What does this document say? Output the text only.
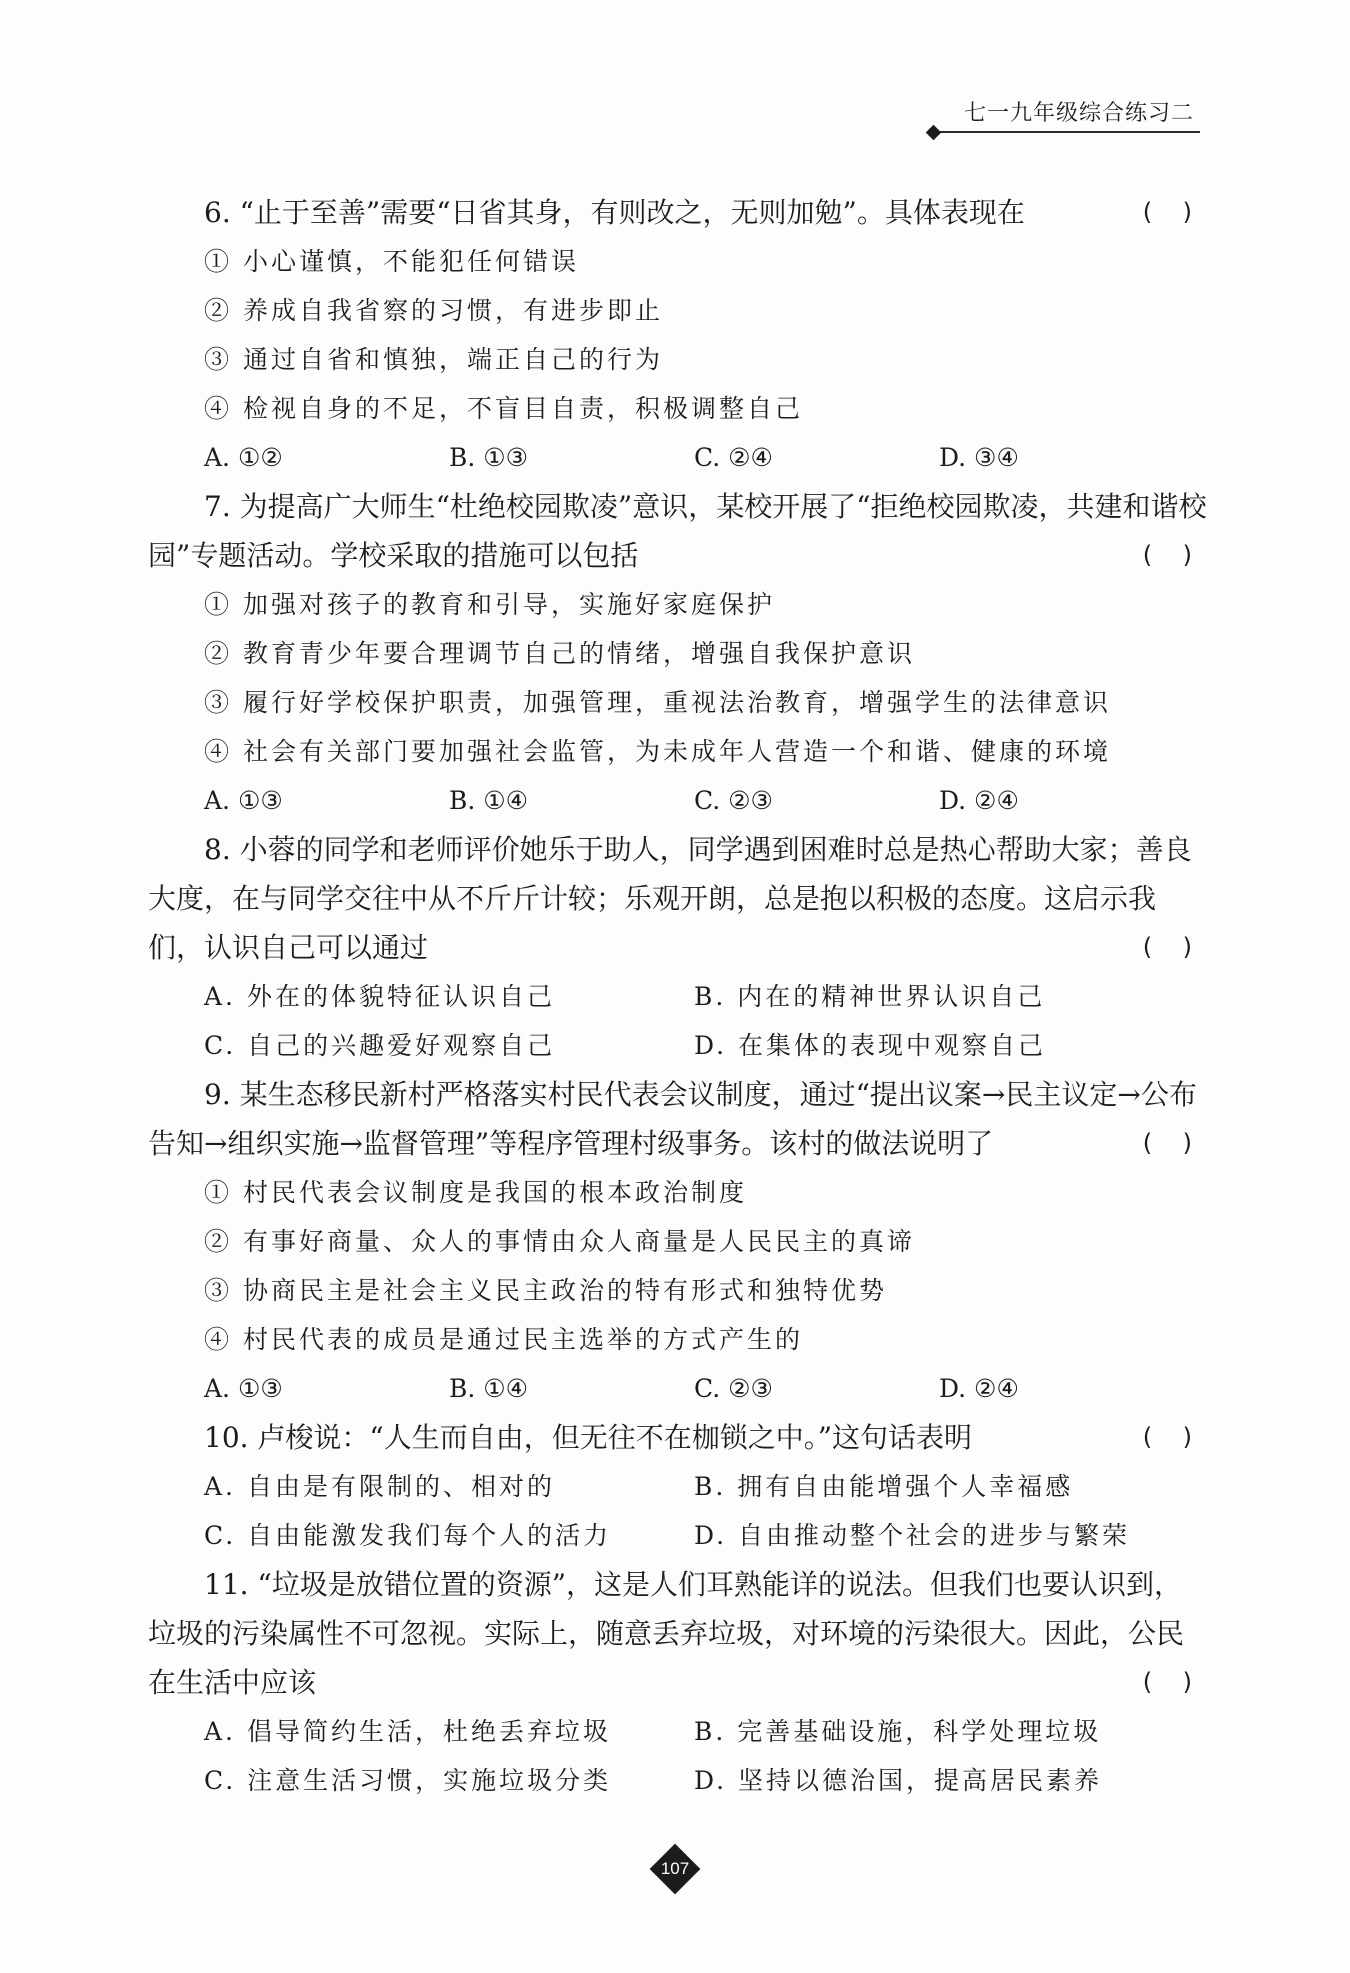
七一九年级综合练习二

6. “止于至善”需要“日省其身，有则改之，无则加勉”。具体表现在	(    )

① 小心谨慎，不能犯任何错误

② 养成自我省察的习惯，有进步即止

③ 通过自省和慎独，端正自己的行为

④ 检视自身的不足，不盲目自责，积极调整自己

A. ①②	B. ①③	C. ②④	D. ③④

7. 为提高广大师生“杜绝校园欺凌”意识，某校开展了“拒绝校园欺凌，共建和谐校园”专题活动。学校采取的措施可以包括	(    )

① 加强对孩子的教育和引导，实施好家庭保护

② 教育青少年要合理调节自己的情绪，增强自我保护意识

③ 履行好学校保护职责，加强管理，重视法治教育，增强学生的法律意识

④ 社会有关部门要加强社会监管，为未成年人营造一个和谐、健康的环境

A. ①③	B. ①④	C. ②③	D. ②④

8. 小蓉的同学和老师评价她乐于助人，同学遇到困难时总是热心帮助大家；善良大度，在与同学交往中从不斤斤计较；乐观开朗，总是抱以积极的态度。这启示我们，认识自己可以通过	(    )

A. 外在的体貌特征认识自己	B. 内在的精神世界认识自己
C. 自己的兴趣爱好观察自己	D. 在集体的表现中观察自己

9. 某生态移民新村严格落实村民代表会议制度，通过“提出议案→民主议定→公布告知→组织实施→监督管理”等程序管理村级事务。该村的做法说明了	(    )

① 村民代表会议制度是我国的根本政治制度

② 有事好商量、众人的事情由众人商量是人民民主的真谛

③ 协商民主是社会主义民主政治的特有形式和独特优势

④ 村民代表的成员是通过民主选举的方式产生的

A. ①③	B. ①④	C. ②③	D. ②④

10. 卢梭说：“人生而自由，但无往不在枷锁之中。”这句话表明	(    )

A. 自由是有限制的、相对的	B. 拥有自由能增强个人幸福感
C. 自由能激发我们每个人的活力	D. 自由推动整个社会的进步与繁荣

11. “垃圾是放错位置的资源”，这是人们耳熟能详的说法。但我们也要认识到，垃圾的污染属性不可忽视。实际上，随意丢弃垃圾，对环境的污染很大。因此，公民在生活中应该	(    )

A. 倡导简约生活，杜绝丢弃垃圾	B. 完善基础设施，科学处理垃圾
C. 注意生活习惯，实施垃圾分类	D. 坚持以德治国，提高居民素养
107
